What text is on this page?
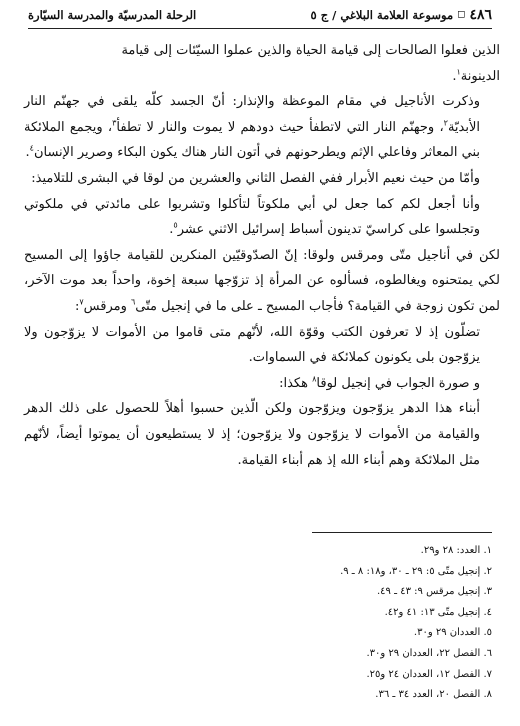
٤٨٦
◻
موسوعة العلامة البلاغي / ج ٥
الرحلة المدرسيّة والمدرسة السيّارة

الذين فعلوا الصالحات إلى قيامة الحياة والذين عملوا السيّئات إلى قيامة
الدينونة$^١$.

وذكرت الأناجيل في مقام الموعظة والإنذار: أنّ الجسد كلّه يلقى في جهنّم النار الأبديّة$^٢$، وجهنّم النار التي لاتطفأ حيث دودهم لا يموت والنار لا تطفأ$^٣$، ويجمع الملائكة بني المعاثر وفاعلي الإثم ويطرحونهم في أتون النار هناك يكون البكاء وصرير الإنسان$^٤$.

وأمّا من حيث نعيم الأبرار ففي الفصل الثاني والعشرين من لوقا في البشرى للتلاميذ:

وأنا أجعل لكم كما جعل لي أبي ملكوتاً لتأكلوا وتشربوا على مائدتي في ملكوتي وتجلسوا على كراسيّ تدينون أسباط إسرائيل الاثني عشر$^٥$.

لكن في أناجيل متّى ومرقس ولوقا: إنّ الصدّوقيّين المنكرين للقيامة جاؤوا إلى المسيح لكي يمتحنوه ويغالطوه، فسألوه عن المرأة إذ تزوّجها سبعة إخوة، واحداً بعد موت الآخر، لمن تكون زوجة في القيامة؟ فأجاب المسيح ـ على ما في إنجيل متّى$^٦$ ومرقس$^٧$:

تضلّون إذ لا تعرفون الكتب وقوّة الله، لأنّهم متى قاموا من الأموات لا يزوّجون ولا يزوّجون بلى يكونون كملائكة في السماوات.

و صورة الجواب في إنجيل لوقا$^٨$ هكذا:

أبناء هذا الدهر يزوّجون ويزوّجون ولكن الّذين حسبوا أهلاً للحصول على ذلك الدهر والقيامة من الأموات لا يزوّجون ولا يزوّجون؛ إذ لا يستطيعون أن يموتوا أيضاً، لأنّهم مثل الملائكة وهم أبناء الله إذ هم أبناء القيامة.

١. العدد: ٢٨ و٢٩.
٢. إنجيل متّى ٥: ٢٩ ـ ٣٠، و١٨: ٨ ـ ٩.
٣. إنجيل مرقس ٩: ٤٣ ـ ٤٩.
٤. إنجيل متّى ١٣: ٤١ و٤٢.
٥. العددان ٢٩ و٣٠.
٦. الفصل ٢٢، العددان ٢٩ و٣٠.
٧. الفصل ١٢، العددان ٢٤ و٢٥.
٨. الفصل ٢٠، العدد ٣٤ ـ ٣٦.
